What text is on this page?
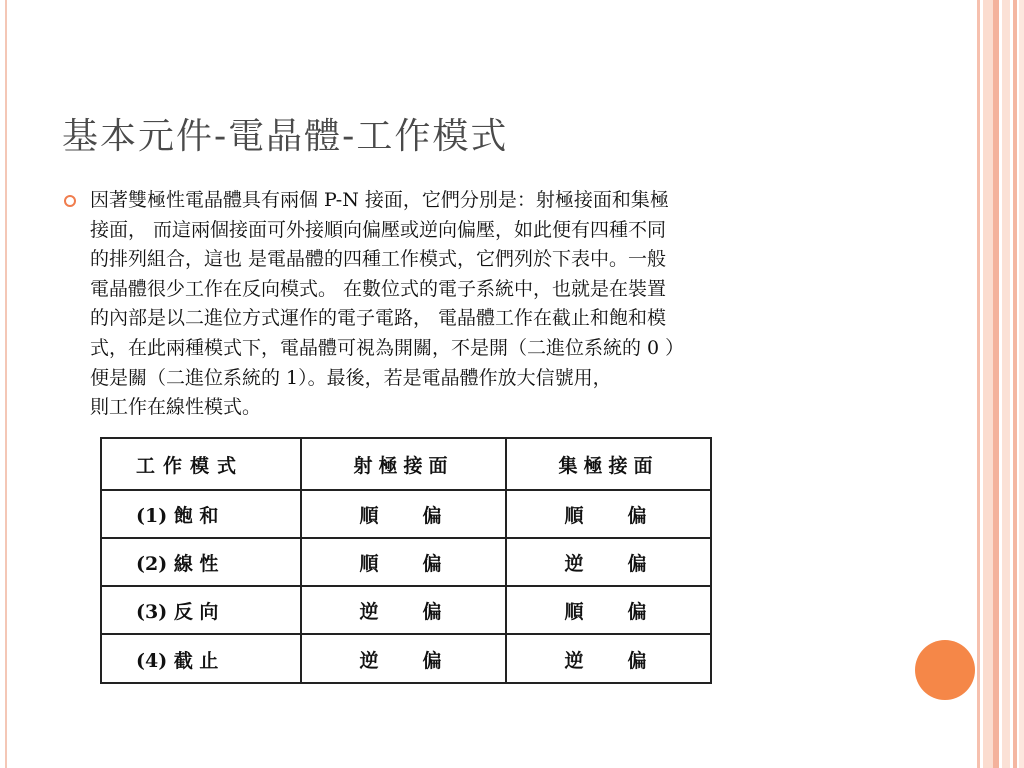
基本元件-電晶體-工作模式
因著雙極性電晶體具有兩個 P-N 接面，它們分別是：射極接面和集極
接面， 而這兩個接面可外接順向偏壓或逆向偏壓，如此便有四種不同
的排列組合，這也 是電晶體的四種工作模式，它們列於下表中。一般
電晶體很少工作在反向模式。 在數位式的電子系統中，也就是在裝置
的內部是以二進位方式運作的電子電路， 電晶體工作在截止和飽和模
式，在此兩種模式下，電晶體可視為開關，不是開（二進位系統的 0 ）
便是關（二進位系統的 1）。最後，若是電晶體作放大信號用，
則工作在線性模式。
工作模式	射極接面	集極接面
(1) 飽 和	順 偏	順 偏
(2) 線 性	順 偏	逆 偏
(3) 反 向	逆 偏	順 偏
(4) 截 止	逆 偏	逆 偏
